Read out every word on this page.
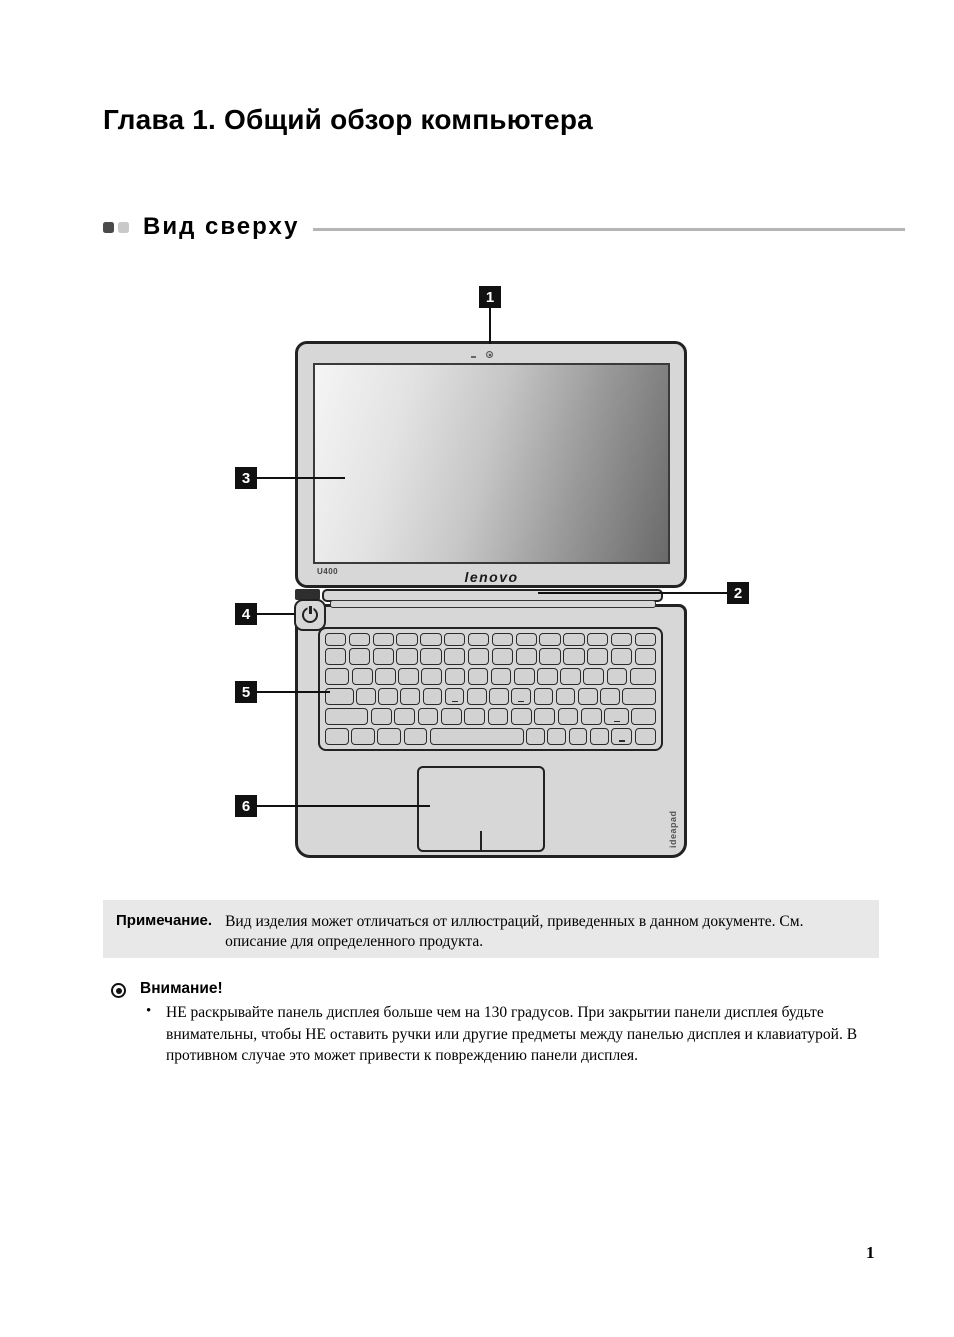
Глава 1. Общий обзор компьютера
Вид сверху
U400	lenovo
ideapad
1
2
3
4
5
6
Примечание. Вид изделия может отличаться от иллюстраций, приведенных в данном документе. См. описание для определенного продукта.
Внимание!
• НЕ раскрывайте панель дисплея больше чем на 130 градусов. При закрытии панели дисплея будьте внимательны, чтобы НЕ оставить ручки или другие предметы между панелью дисплея и клавиатурой. В противном случае это может привести к повреждению панели дисплея.
1
